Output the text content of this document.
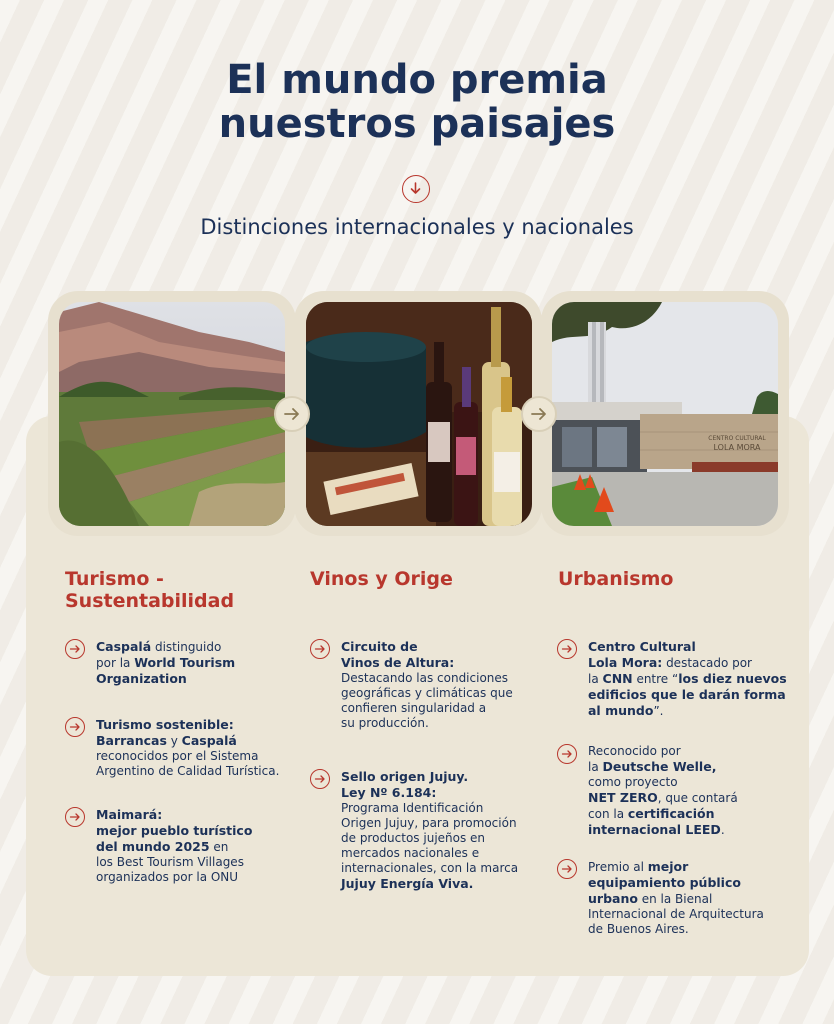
El mundo premia
nuestros paisajes
Distinciones internacionales y nacionales
CENTRO CULTURAL
LOLA MORA
Turismo -
Sustentabilidad
Vinos y Orige	Urbanismo
Caspalá distinguido
por la World Tourism
Organization
Turismo sostenible:
Barrancas y Caspalá
reconocidos por el Sistema
Argentino de Calidad Turística.
Maimará:
mejor pueblo turístico
del mundo 2025 en
los Best Tourism Villages
organizados por la ONU
Circuito de
Vinos de Altura:
Destacando las condiciones
geográficas y climáticas que
confieren singularidad a
su producción.
Sello origen Jujuy.
Ley Nº 6.184:
Programa Identificación
Origen Jujuy, para promoción
de productos jujeños en
mercados nacionales e
internacionales, con la marca
Jujuy Energía Viva.
Centro Cultural
Lola Mora: destacado por
la CNN entre “los diez nuevos
edificios que le darán forma
al mundo”.
Reconocido por
la Deutsche Welle,
como proyecto
NET ZERO, que contará
con la certificación
internacional LEED.
Premio al mejor
equipamiento público
urbano en la Bienal
Internacional de Arquitectura
de Buenos Aires.
